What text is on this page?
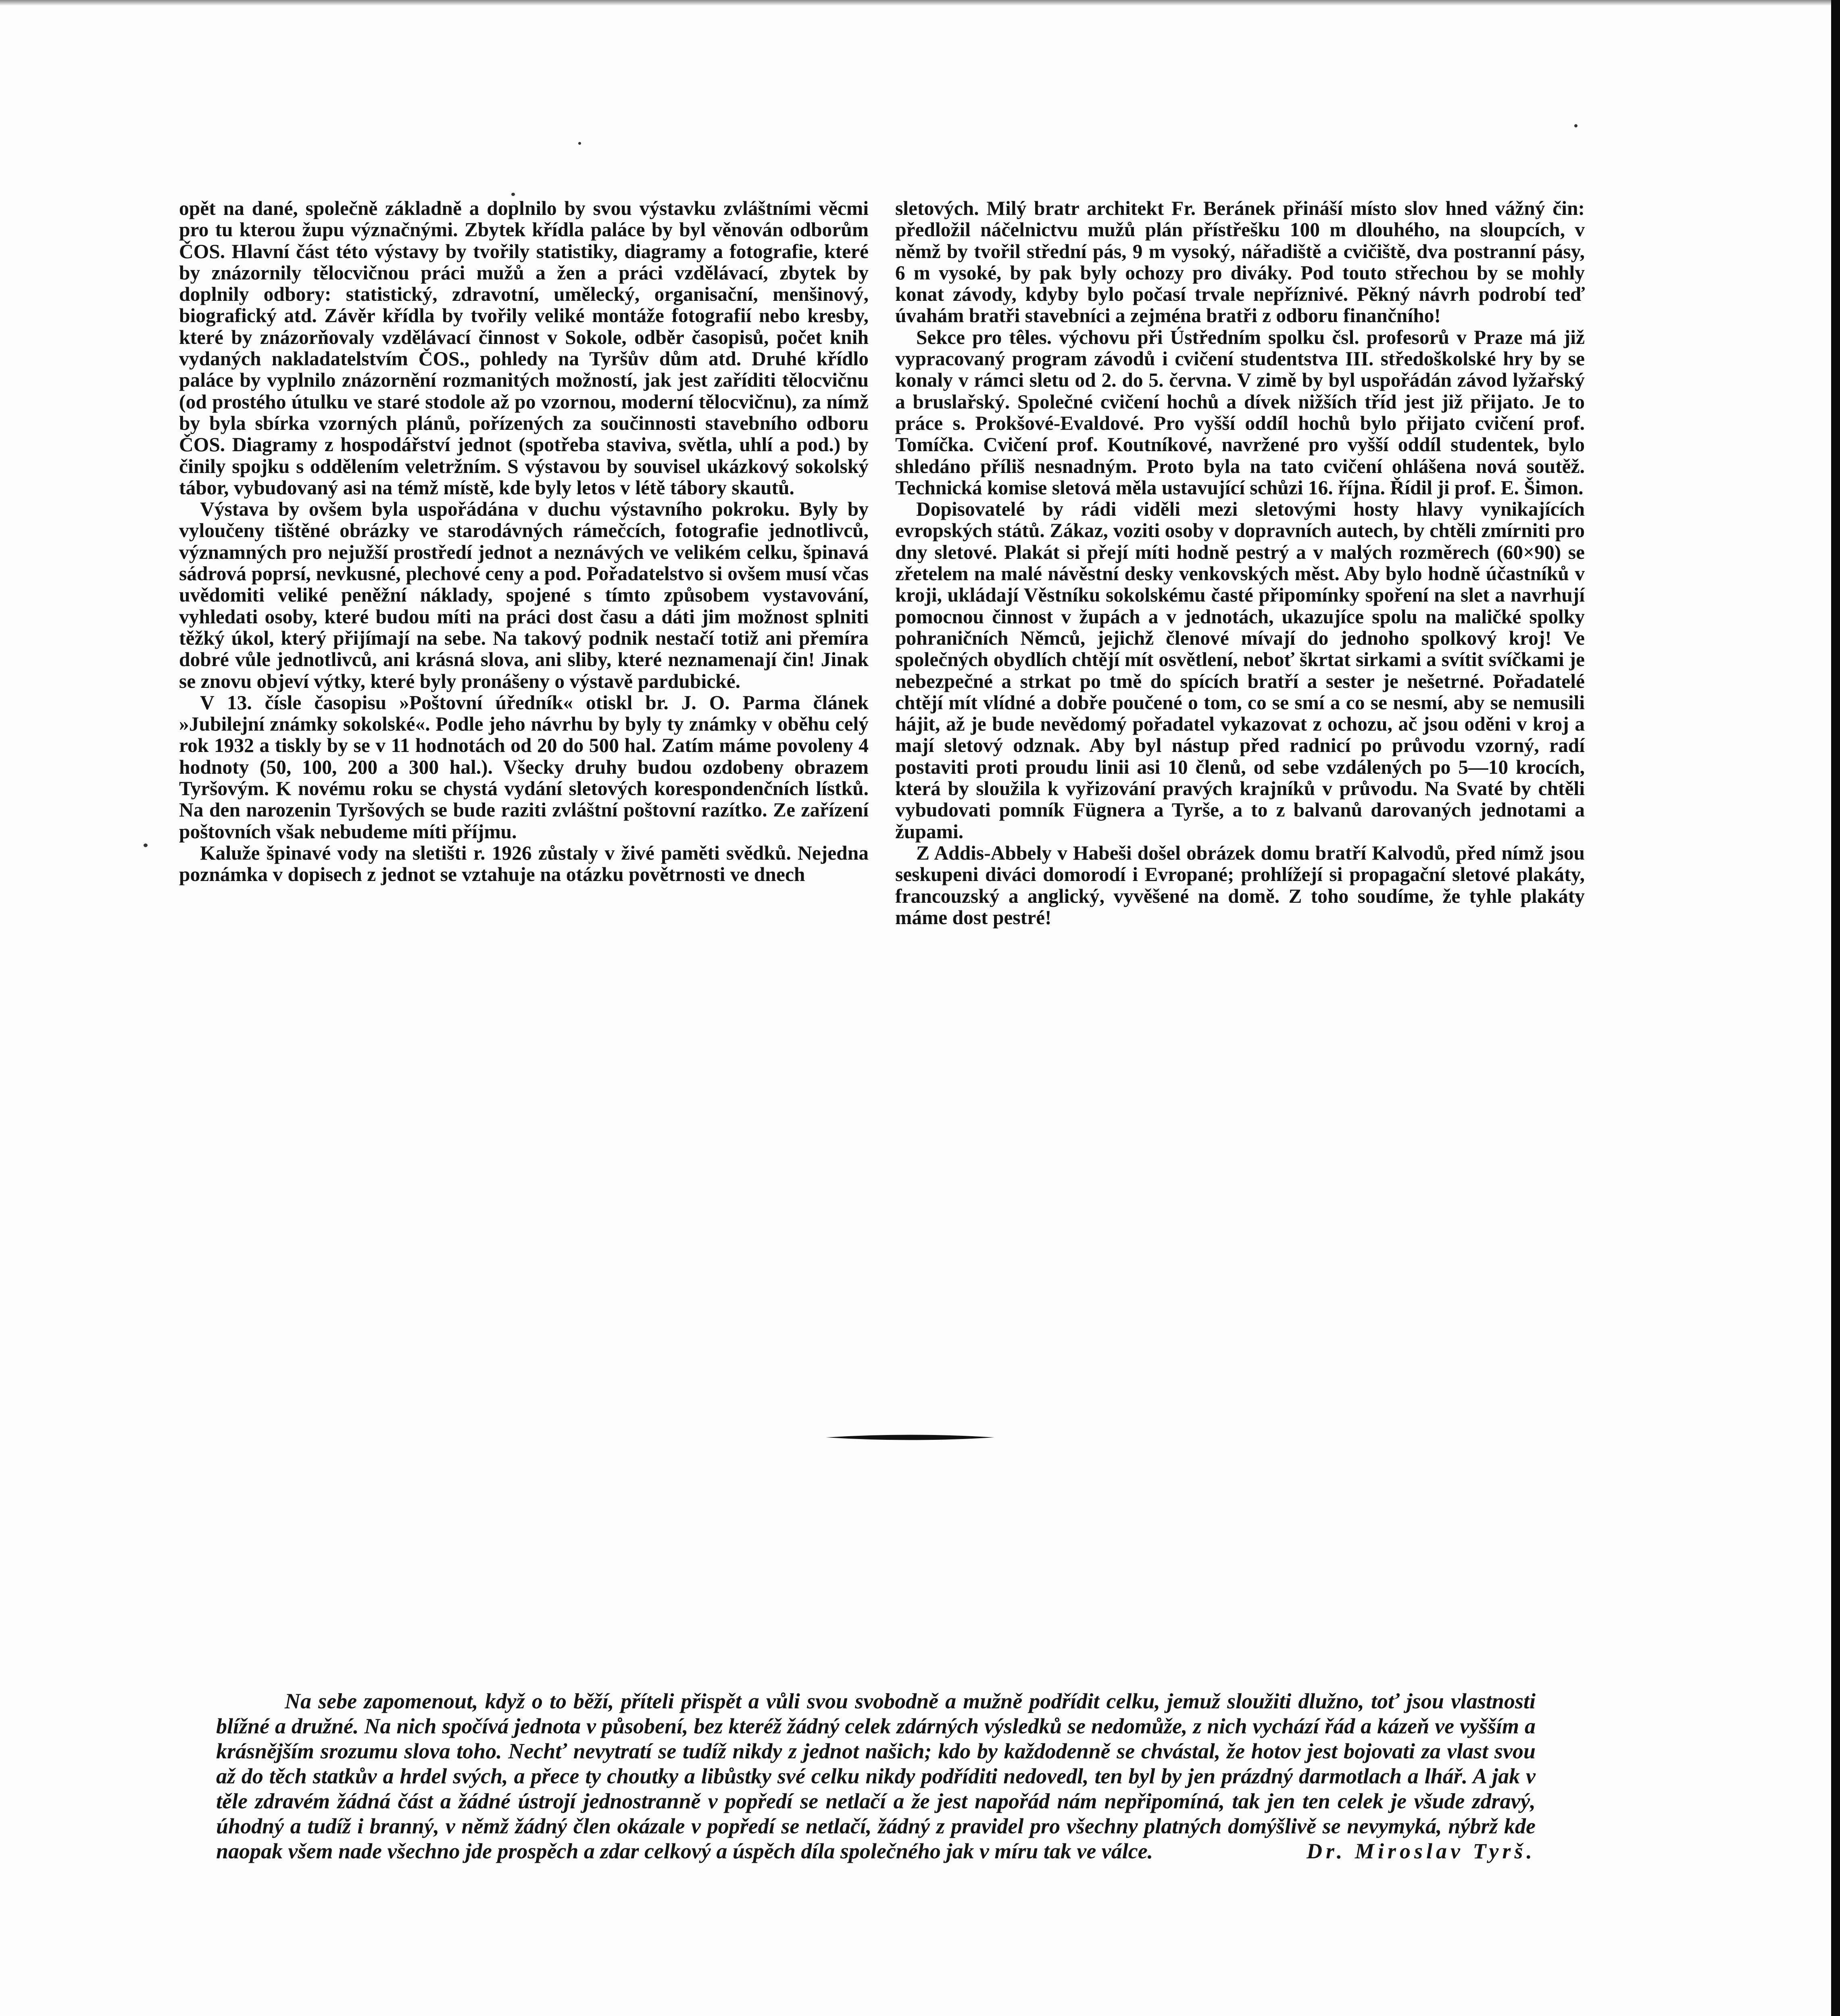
opět na dané, společně základně a doplnilo by svou výstavku zvláštními věcmi pro tu kterou župu význačnými. Zbytek křídla paláce by byl věnován odborům ČOS. Hlavní část této výstavy by tvořily statistiky, diagramy a fotografie, které by znázornily tělocvičnou práci mužů a žen a práci vzdělávací, zbytek by doplnily odbory: statistický, zdravotní, umělecký, organisační, menšinový, biografický atd. Závěr křídla by tvořily veliké montáže fotografií nebo kresby, které by znázorňovaly vzdělávací činnost v Sokole, odběr časopisů, počet knih vydaných nakladatelstvím ČOS., pohledy na Tyršův dům atd. Druhé křídlo paláce by vyplnilo znázornění rozmanitých možností, jak jest zaříditi tělocvičnu (od prostého útulku ve staré stodole až po vzornou, moderní tělocvičnu), za nímž by byla sbírka vzorných plánů, pořízených za součinnosti stavebního odboru ČOS. Diagramy z hospodářství jednot (spotřeba staviva, světla, uhlí a pod.) by činily spojku s oddělením veletržním. S výstavou by souvisel ukázkový sokolský tábor, vybudovaný asi na témž místě, kde byly letos v létě tábory skautů.

Výstava by ovšem byla uspořádána v duchu výstavního pokroku. Byly by vyloučeny tištěné obrázky ve starodávných rámečcích, fotografie jednotlivců, významných pro nejužší prostředí jednot a neznávých ve velikém celku, špinavá sádrová poprsí, nevkusné, plechové ceny a pod. Pořadatelstvo si ovšem musí včas uvědomiti veliké peněžní náklady, spojené s tímto způsobem vystavování, vyhledati osoby, které budou míti na práci dost času a dáti jim možnost splniti těžký úkol, který přijímají na sebe. Na takový podnik nestačí totiž ani přemíra dobré vůle jednotlivců, ani krásná slova, ani sliby, které neznamenají čin! Jinak se znovu objeví výtky, které byly pronášeny o výstavě pardubické.

V 13. čísle časopisu »Poštovní úředník« otiskl br. J. O. Parma článek »Jubilejní známky sokolské«. Podle jeho návrhu by byly ty známky v oběhu celý rok 1932 a tiskly by se v 11 hodnotách od 20 do 500 hal. Zatím máme povoleny 4 hodnoty (50, 100, 200 a 300 hal.). Všecky druhy budou ozdobeny obrazem Tyršovým. K novému roku se chystá vydání sletových korespondenčních lístků. Na den narozenin Tyršových se bude raziti zvláštní poštovní razítko. Ze zařízení poštovních však nebudeme míti příjmu.

Kaluže špinavé vody na sletišti r. 1926 zůstaly v živé paměti svědků. Nejedna poznámka v dopisech z jednot se vztahuje na otázku povětrnosti ve dnech

sletových. Milý bratr architekt Fr. Beránek přináší místo slov hned vážný čin: předložil náčelnictvu mužů plán přístřešku 100 m dlouhého, na sloupcích, v němž by tvořil střední pás, 9 m vysoký, nářadiště a cvičiště, dva postranní pásy, 6 m vysoké, by pak byly ochozy pro diváky. Pod touto střechou by se mohly konat závody, kdyby bylo počasí trvale nepříznivé. Pěkný návrh podrobí teď úvahám bratři stavebníci a zejména bratři z odboru finančního!

Sekce pro têles. výchovu při Ústředním spolku čsl. profesorů v Praze má již vypracovaný program závodů i cvičení studentstva III. středoškolské hry by se konaly v rámci sletu od 2. do 5. června. V zimě by byl uspořádán závod lyžařský a bruslařský. Společné cvičení hochů a dívek nižších tříd jest již přijato. Je to práce s. Prokšové-Evaldové. Pro vyšší oddíl hochů bylo přijato cvičení prof. Tomíčka. Cvičení prof. Koutníkové, navržené pro vyšší oddíl studentek, bylo shledáno příliš nesnadným. Proto byla na tato cvičení ohlášena nová soutěž. Technická komise sletová měla ustavující schůzi 16. října. Řídil ji prof. E. Šimon.

Dopisovatelé by rádi viděli mezi sletovými hosty hlavy vynikajících evropských států. Zákaz, voziti osoby v dopravních autech, by chtěli zmírniti pro dny sletové. Plakát si přejí míti hodně pestrý a v malých rozměrech (60×90) se zřetelem na malé návěstní desky venkovských měst. Aby bylo hodně účastníků v kroji, ukládají Věstníku sokolskému časté připomínky spoření na slet a navrhují pomocnou činnost v župách a v jednotách, ukazujíce spolu na maličké spolky pohraničních Němců, jejichž členové mívají do jednoho spolkový kroj! Ve společných obydlích chtějí mít osvětlení, neboť škrtat sirkami a svítit svíčkami je nebezpečné a strkat po tmě do spících bratří a sester je nešetrné. Pořadatelé chtějí mít vlídné a dobře poučené o tom, co se smí a co se nesmí, aby se nemusili hájit, až je bude nevědomý pořadatel vykazovat z ochozu, ač jsou oděni v kroj a mají sletový odznak. Aby byl nástup před radnicí po průvodu vzorný, radí postaviti proti proudu linii asi 10 členů, od sebe vzdálených po 5—10 krocích, která by sloužila k vyřizování pravých krajníků v průvodu. Na Svaté by chtěli vybudovati pomník Fügnera a Tyrše, a to z balvanů darovaných jednotami a župami.

Z Addis-Abbely v Habeši došel obrázek domu bratří Kalvodů, před nímž jsou seskupeni diváci domorodí i Evropané; prohlížejí si propagační sletové plakáty, francouzský a anglický, vyvěšené na domě. Z toho soudíme, že tyhle plakáty máme dost pestré!

Na sebe zapomenout, když o to běží, příteli přispět a vůli svou svobodně a mužně podřídit celku, jemuž sloužiti dlužno, toť jsou vlastnosti blížné a družné. Na nich spočívá jednota v působení, bez kteréž žádný celek zdárných výsledků se nedomůže, z nich vychází řád a kázeň ve vyšším a krásnějším srozumu slova toho. Nechť nevytratí se tudíž nikdy z jednot našich; kdo by každodenně se chvástal, že hotov jest bojovati za vlast svou až do těch statkův a hrdel svých, a přece ty choutky a libůstky své celku nikdy podříditi nedovedl, ten byl by jen prázdný darmotlach a lhář. A jak v těle zdravém žádná část a žádné ústrojí jednostranně v popředí se netlačí a že jest napořád nám nepřipomíná, tak jen ten celek je všude zdravý, úhodný a tudíž i branný, v němž žádný člen okázale v popředí se netlačí, žádný z pravidel pro všechny platných domýšlivě se nevymyká, nýbrž kde naopak všem nade všechno jde prospěch a zdar celkový a úspěch díla společného jak v míru tak ve válce.	Dr. Miroslav Tyrš.
